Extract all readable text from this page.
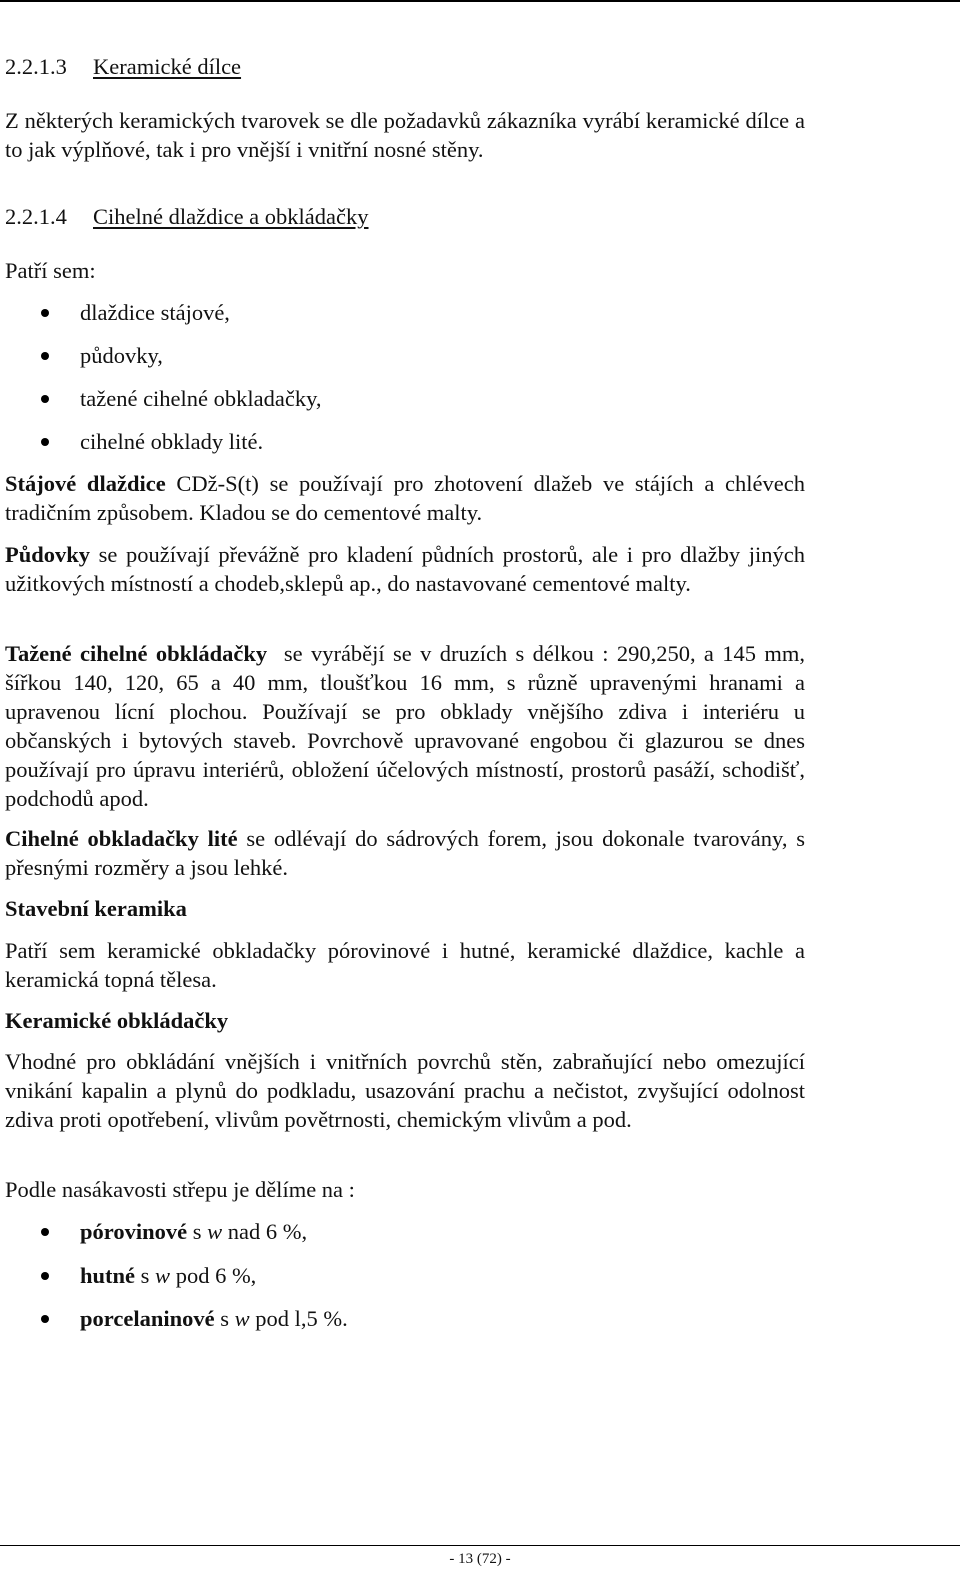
2.2.1.3 Keramické dílce
Z některých keramických tvarovek se dle požadavků zákazníka vyrábí keramické dílce a to jak výplňové, tak i pro vnější i vnitřní nosné stěny.
2.2.1.4 Cihelné dlaždice a obkládačky
Patří sem:
dlaždice stájové,
půdovky,
tažené cihelné obkladačky,
cihelné obklady lité.
Stájové dlaždice CDž-S(t) se používají pro zhotovení dlažeb ve stájích a chlévech tradičním způsobem. Kladou se do cementové malty.
Půdovky se používají převážně pro kladení půdních prostorů, ale i pro dlažby jiných užitkových místností a chodeb,sklepů ap., do nastavované cementové malty.
Tažené cihelné obkládačky  se vyrábějí se v druzích s délkou : 290,250, a 145 mm, šířkou 140, 120, 65 a 40 mm, tloušťkou 16 mm, s různě upravenými hranami a upravenou lícní plochou. Používají se pro obklady vnějšího zdiva i interiéru u občanských i bytových staveb. Povrchově upravované engobou či glazurou se dnes používají pro úpravu interiérů, obložení účelových místností, prostorů pasáží, schodišť, podchodů apod.
Cihelné obkladačky lité se odlévají do sádrových forem, jsou dokonale tvarovány, s přesnými rozměry a jsou lehké.
Stavební keramika
Patří sem keramické obkladačky pórovinové i hutné, keramické dlaždice, kachle a keramická topná tělesa.
Keramické obkládačky
Vhodné pro obkládání vnějších i vnitřních povrchů stěn, zabraňující nebo omezující vnikání kapalin a plynů do podkladu, usazování prachu a nečistot, zvyšující odolnost zdiva proti opotřebení, vlivům povětrnosti, chemickým vlivům a pod.
Podle nasákavosti střepu je dělíme na :
pórovinové s w nad 6 %,
hutné s w pod 6 %,
porcelaninové s w pod l,5 %.
- 13 (72) -
